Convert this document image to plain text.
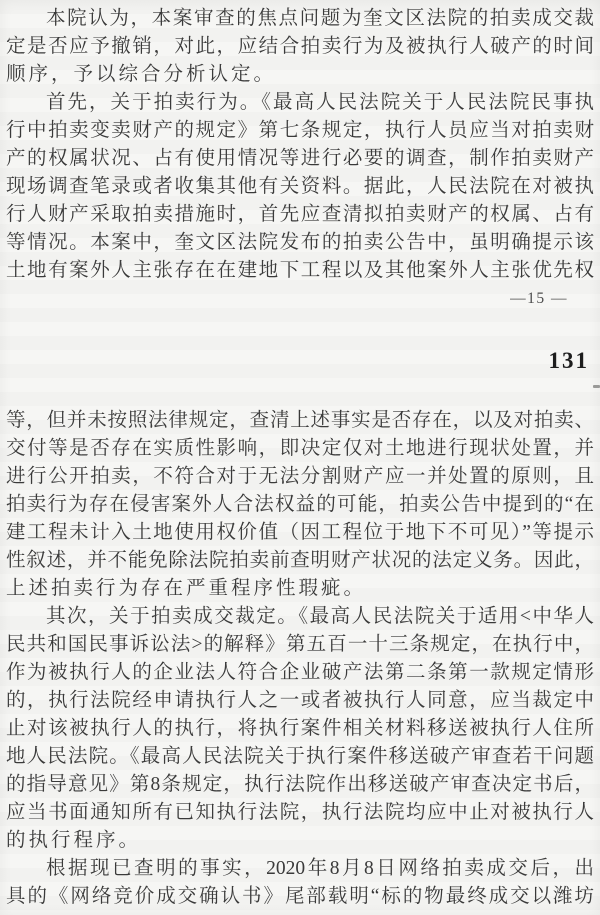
本院认为，本案审查的焦点问题为奎文区法院的拍卖成交裁
定是否应予撤销，对此，应结合拍卖行为及被执行人破产的时间
顺序，予以综合分析认定。
首先，关于拍卖行为。《最高人民法院关于人民法院民事执
行中拍卖变卖财产的规定》第七条规定，执行人员应当对拍卖财
产的权属状况、占有使用情况等进行必要的调查，制作拍卖财产
现场调查笔录或者收集其他有关资料。据此，人民法院在对被执
行人财产采取拍卖措施时，首先应查清拟拍卖财产的权属、占有
等情况。本案中，奎文区法院发布的拍卖公告中，虽明确提示该
土地有案外人主张存在在建地下工程以及其他案外人主张优先权
—15 —
131
等，但并未按照法律规定，查清上述事实是否存在，以及对拍卖、
交付等是否存在实质性影响，即决定仅对土地进行现状处置，并
进行公开拍卖，不符合对于无法分割财产应一并处置的原则，且
拍卖行为存在侵害案外人合法权益的可能，拍卖公告中提到的“在
建工程未计入土地使用权价值（因工程位于地下不可见）”等提示
性叙述，并不能免除法院拍卖前查明财产状况的法定义务。因此，
上述拍卖行为存在严重程序性瑕疵。
其次，关于拍卖成交裁定。《最高人民法院关于适用<中华人
民共和国民事诉讼法>的解释》第五百一十三条规定，在执行中，
作为被执行人的企业法人符合企业破产法第二条第一款规定情形
的，执行法院经申请执行人之一或者被执行人同意，应当裁定中
止对该被执行人的执行，将执行案件相关材料移送被执行人住所
地人民法院。《最高人民法院关于执行案件移送破产审查若干问题
的指导意见》第8条规定，执行法院作出移送破产审查决定书后，
应当书面通知所有已知执行法院，执行法院均应中止对被执行人
的执行程序。
根据现已查明的事实，2020年8月8日网络拍卖成交后，出
具的《网络竞价成交确认书》尾部载明“标的物最终成交以潍坊
